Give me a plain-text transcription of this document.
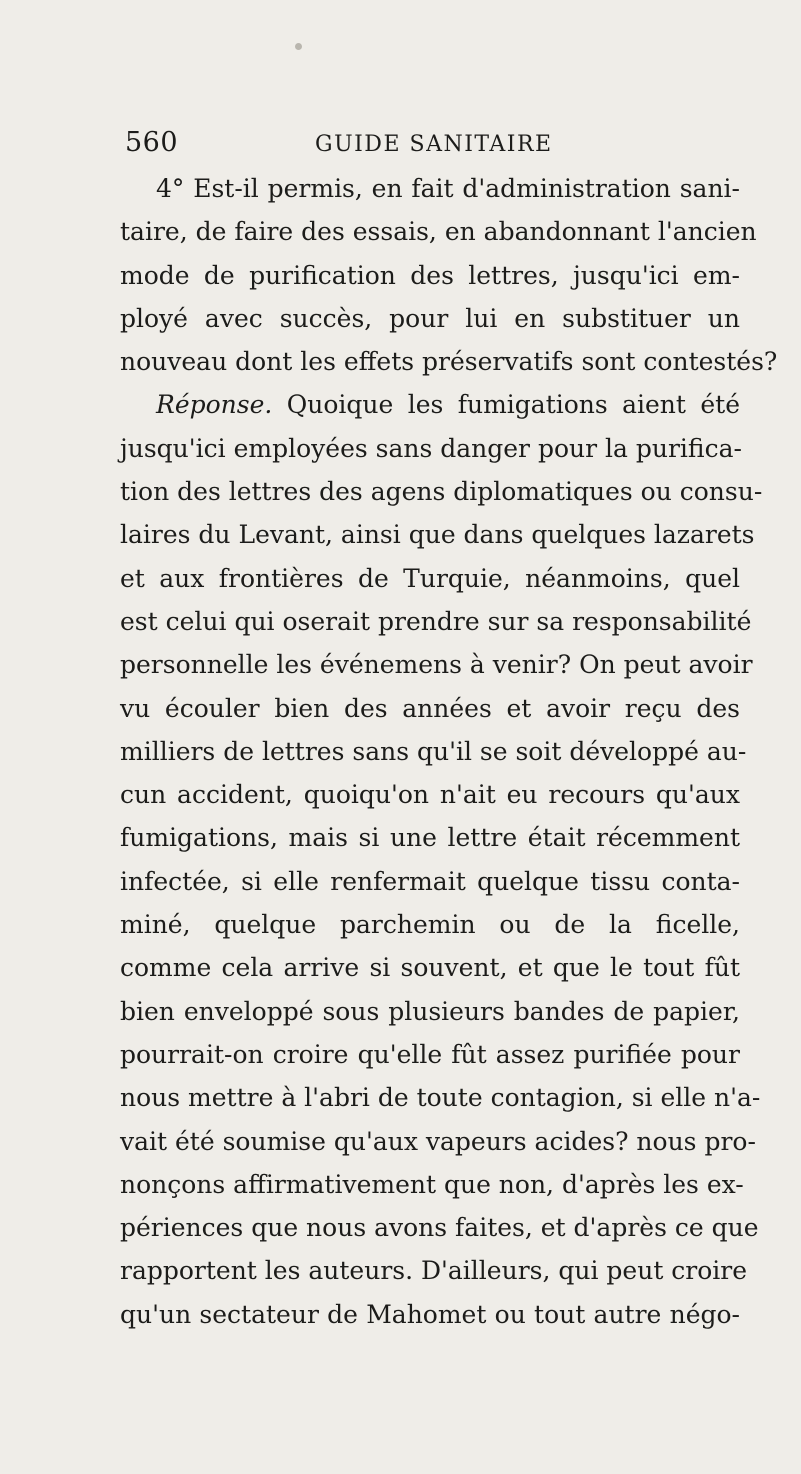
560	GUIDE SANITAIRE
4° Est-il permis, en fait d'administration sani-
taire, de faire des essais, en abandonnant l'ancien
mode de purification des lettres, jusqu'ici em-
ployé avec succès, pour lui en substituer un
nouveau dont les effets préservatifs sont contestés?
Réponse. Quoique les fumigations aient été
jusqu'ici employées sans danger pour la purifica-
tion des lettres des agens diplomatiques ou consu-
laires du Levant, ainsi que dans quelques lazarets
et aux frontières de Turquie, néanmoins, quel
est celui qui oserait prendre sur sa responsabilité
personnelle les événemens à venir? On peut avoir
vu écouler bien des années et avoir reçu des
milliers de lettres sans qu'il se soit développé au-
cun accident, quoiqu'on n'ait eu recours qu'aux
fumigations, mais si une lettre était récemment
infectée, si elle renfermait quelque tissu conta-
miné, quelque parchemin ou de la ficelle,
comme cela arrive si souvent, et que le tout fût
bien enveloppé sous plusieurs bandes de papier,
pourrait-on croire qu'elle fût assez purifiée pour
nous mettre à l'abri de toute contagion, si elle n'a-
vait été soumise qu'aux vapeurs acides? nous pro-
nonçons affirmativement que non, d'après les ex-
périences que nous avons faites, et d'après ce que
rapportent les auteurs. D'ailleurs, qui peut croire
qu'un sectateur de Mahomet ou tout autre négo-
